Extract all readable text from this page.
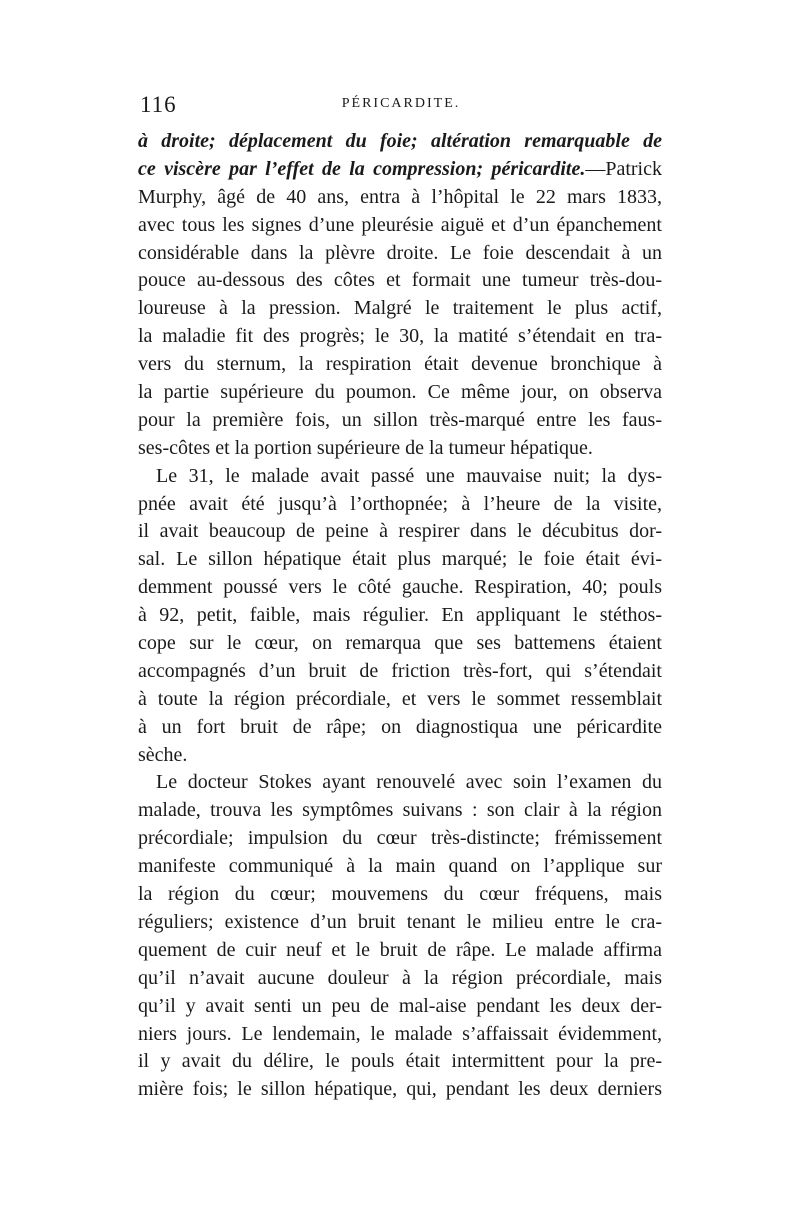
116	PÉRICARDITE.
à droite; déplacement du foie; altération remarquable de
ce viscère par l’effet de la compression; péricardite.—Patrick
Murphy, âgé de 40 ans, entra à l’hôpital le 22 mars 1833,
avec tous les signes d’une pleurésie aiguë et d’un épanchement
considérable dans la plèvre droite. Le foie descendait à un
pouce au-dessous des côtes et formait une tumeur très-dou-
loureuse à la pression. Malgré le traitement le plus actif,
la maladie fit des progrès; le 30, la matité s’étendait en tra-
vers du sternum, la respiration était devenue bronchique à
la partie supérieure du poumon. Ce même jour, on observa
pour la première fois, un sillon très-marqué entre les faus-
ses-côtes et la portion supérieure de la tumeur hépatique.
Le 31, le malade avait passé une mauvaise nuit; la dys-
pnée avait été jusqu’à l’orthopnée; à l’heure de la visite,
il avait beaucoup de peine à respirer dans le décubitus dor-
sal. Le sillon hépatique était plus marqué; le foie était évi-
demment poussé vers le côté gauche. Respiration, 40; pouls
à 92, petit, faible, mais régulier. En appliquant le stéthos-
cope sur le cœur, on remarqua que ses battemens étaient
accompagnés d’un bruit de friction très-fort, qui s’étendait
à toute la région précordiale, et vers le sommet ressemblait
à un fort bruit de râpe; on diagnostiqua une péricardite
sèche.
Le docteur Stokes ayant renouvelé avec soin l’examen du
malade, trouva les symptômes suivans : son clair à la région
précordiale; impulsion du cœur très-distincte; frémissement
manifeste communiqué à la main quand on l’applique sur
la région du cœur; mouvemens du cœur fréquens, mais
réguliers; existence d’un bruit tenant le milieu entre le cra-
quement de cuir neuf et le bruit de râpe. Le malade affirma
qu’il n’avait aucune douleur à la région précordiale, mais
qu’il y avait senti un peu de mal-aise pendant les deux der-
niers jours. Le lendemain, le malade s’affaissait évidemment,
il y avait du délire, le pouls était intermittent pour la pre-
mière fois; le sillon hépatique, qui, pendant les deux derniers
